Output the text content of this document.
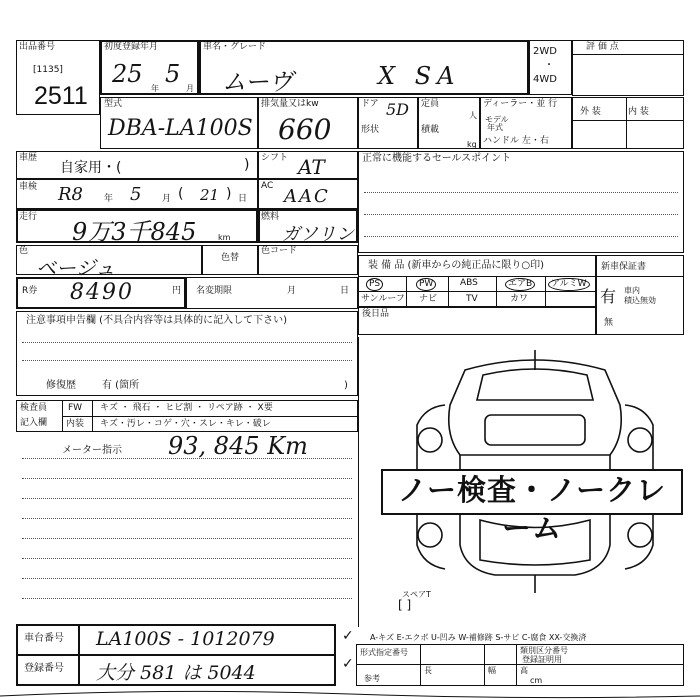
出品番号
[1135]
2511
初度登録年月
25
年
5
月
車名・グレード
ムーヴ	X SA
2WD
・
4WD
評 価 点
型式
DBA-LA100S
排気量又はkw
660
ドア 5D
形状
定員
人
積載
kg
ディーラー・並 行
モデル
年式
ハンドル 左・右
外 装	内 装
車歴
自家用・(	) シフト AT
車検 R8 年 5 月 ( 21 ) 日
AC AAC
走行
9万3千845	km
燃料
ガソリン
色
ベージュ	色替
色コード
正常に機能するセールスポイント
装 備 品 (新車からの純正品に限り○印)
PS	PW	ABS	エアB	アルミW
サンルーフ ナビ	TV	カワ
新車保証書
有 車内
積込無効
無
後日品
R券 8490	円 名変期限	月	日
注意事項申告欄 (不具合内容等は具体的に記入して下さい)
修復歴	有 (箇所	)
検査員
記入欄
FW キズ ・ 飛石 ・ ヒビ割 ・ リペア跡 ・ X要
内装 キズ・汚レ・コゲ・穴・スレ・キレ・破レ
メーター指示 93, 845 Km
ノー検査・ノークレーム
スペアT
[ ]
車台番号 LA100S - 1012079
登録番号 大分 581 は 5044
✓
✓
A-キズ E-エクボ U-凹み W-補修跡 S-サビ C-腐食 XX-交換済
形式指定番号
参考
長	幅	高
類別区分番号
登録証明用
cm
